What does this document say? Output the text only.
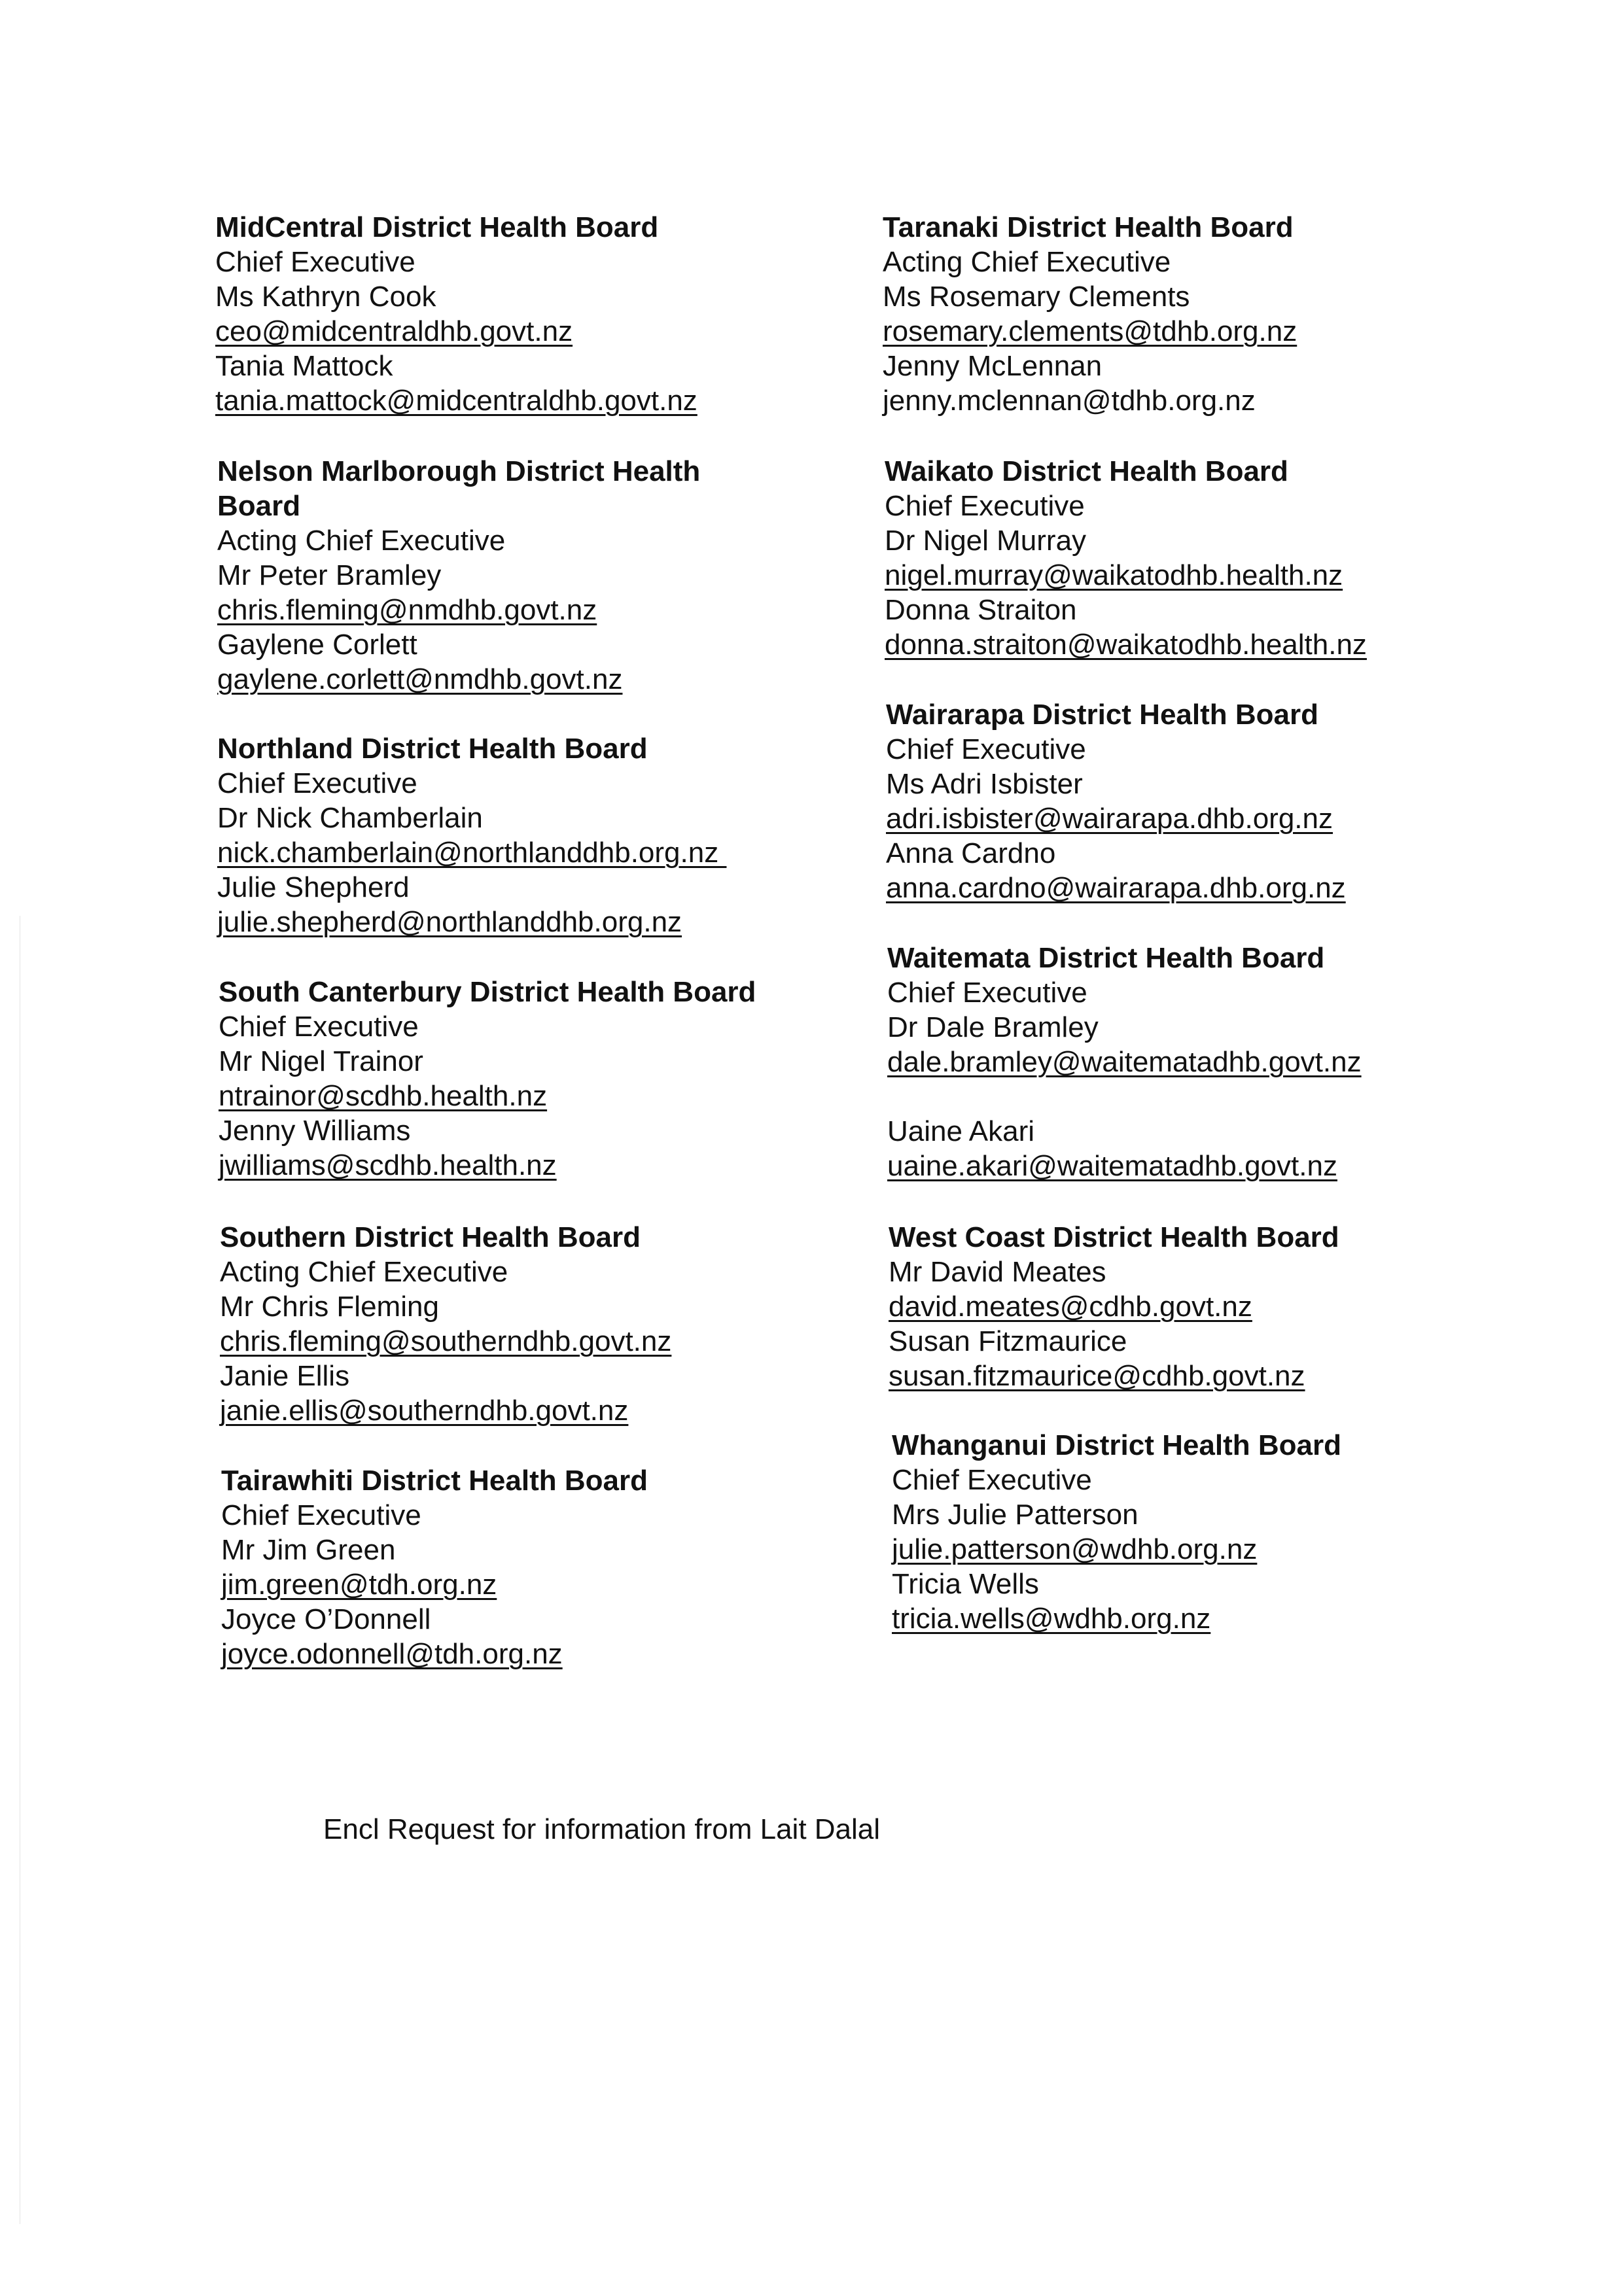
MidCentral District Health Board
Chief Executive
Ms Kathryn Cook
ceo@midcentraldhb.govt.nz
Tania Mattock
tania.mattock@midcentraldhb.govt.nz
Nelson Marlborough District Health
Board
Acting Chief Executive
Mr Peter Bramley
chris.fleming@nmdhb.govt.nz
Gaylene Corlett
gaylene.corlett@nmdhb.govt.nz
Northland District Health Board
Chief Executive
Dr Nick Chamberlain
nick.chamberlain@northlanddhb.org.nz
Julie Shepherd
julie.shepherd@northlanddhb.org.nz
South Canterbury District Health Board
Chief Executive
Mr Nigel Trainor
ntrainor@scdhb.health.nz
Jenny Williams
jwilliams@scdhb.health.nz
Southern District Health Board
Acting Chief Executive
Mr Chris Fleming
chris.fleming@southerndhb.govt.nz
Janie Ellis
janie.ellis@southerndhb.govt.nz
Tairawhiti District Health Board
Chief Executive
Mr Jim Green
jim.green@tdh.org.nz
Joyce O’Donnell
joyce.odonnell@tdh.org.nz
Taranaki District Health Board
Acting Chief Executive
Ms Rosemary Clements
rosemary.clements@tdhb.org.nz
Jenny McLennan
jenny.mclennan@tdhb.org.nz
Waikato District Health Board
Chief Executive
Dr Nigel Murray
nigel.murray@waikatodhb.health.nz
Donna Straiton
donna.straiton@waikatodhb.health.nz
Wairarapa District Health Board
Chief Executive
Ms Adri Isbister
adri.isbister@wairarapa.dhb.org.nz
Anna Cardno
anna.cardno@wairarapa.dhb.org.nz
Waitemata District Health Board
Chief Executive
Dr Dale Bramley
dale.bramley@waitematadhb.govt.nz
Uaine Akari
uaine.akari@waitematadhb.govt.nz
West Coast District Health Board
Mr David Meates
david.meates@cdhb.govt.nz
Susan Fitzmaurice
susan.fitzmaurice@cdhb.govt.nz
Whanganui District Health Board
Chief Executive
Mrs Julie Patterson
julie.patterson@wdhb.org.nz
Tricia Wells
tricia.wells@wdhb.org.nz
Encl Request for information from Lait Dalal
